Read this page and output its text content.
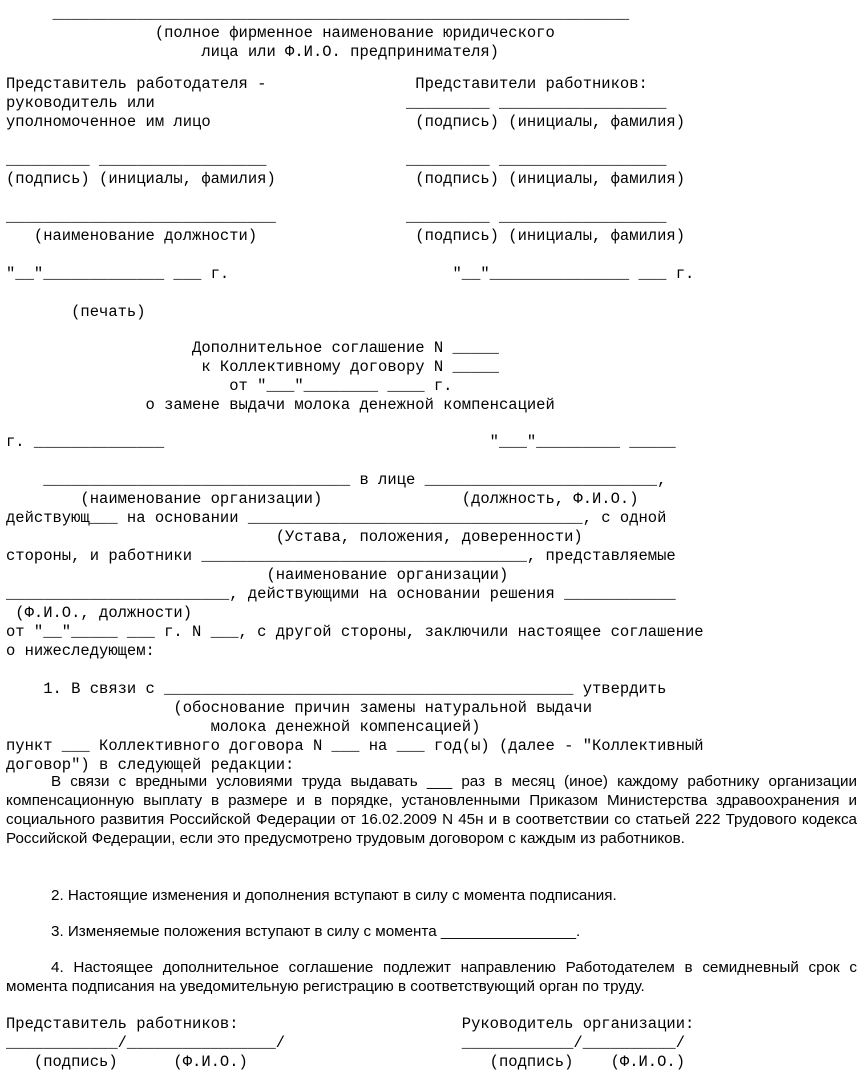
______________________________________________________________
(полное фирменное наименование юридического
лица или Ф.И.О. предпринимателя)
Представитель работодателя -                Представители работников:
руководитель или                           _________ __________________
уполномоченное им лицо                      (подпись) (инициалы, фамилия)

_________ __________________               _________ __________________
(подпись) (инициалы, фамилия)               (подпись) (инициалы, фамилия)

_____________________________              _________ __________________
(наименование должности)                 (подпись) (инициалы, фамилия)

"__"_____________ ___ г.                        "__"_______________ ___ г.

(печать)
Дополнительное соглашение N _____
к Коллективному договору N _____
от "___"________ ____ г.
о замене выдачи молока денежной компенсацией
г. ______________                                   "___"_________ _____

_________________________________ в лице _________________________,
(наименование организации)               (должность, Ф.И.О.)
действующ___ на основании ____________________________________, с одной
(Устава, положения, доверенности)
стороны, и работники ___________________________________, представляемые
(наименование организации)
________________________, действующими на основании решения ____________
(Ф.И.О., должности)
от "__"_____ ___ г. N ___, с другой стороны, заключили настоящее соглашение
о нижеследующем:

1. В связи с ____________________________________________ утвердить
(обоснование причин замены натуральной выдачи
молока денежной компенсацией)
пункт ___ Коллективного договора N ___ на ___ год(ы) (далее - "Коллективный
договор") в следующей редакции:

В связи с вредными условиями труда выдавать ___ раз в месяц (иное) каждому работнику организации компенсационную выплату в размере и в порядке, установленными Приказом Министерства здравоохранения и социального развития Российской Федерации от 16.02.2009 N 45н и в соответствии со статьей 222 Трудового кодекса Российской Федерации, если это предусмотрено трудовым договором с каждым из работников.

2. Настоящие изменения и дополнения вступают в силу с момента подписания.

3. Изменяемые положения вступают в силу с момента ________________.

4. Настоящее дополнительное соглашение подлежит направлению Работодателем в семидневный срок с момента подписания на уведомительную регистрацию в соответствующий орган по труду.

Представитель работников:                        Руководитель организации:
____________/________________/                   ____________/__________/
(подпись)      (Ф.И.О.)                          (подпись)    (Ф.И.О.)
